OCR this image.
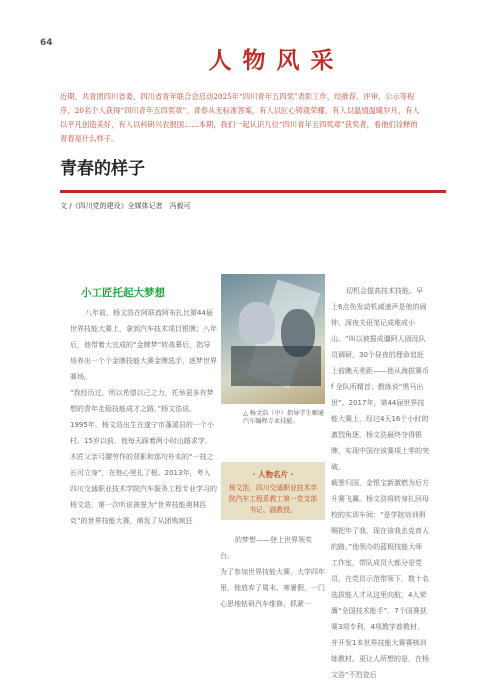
64
人 物 风 采
近期，共青团四川省委、四川省青年联合会启动2025年“四川青年五四奖”表彰工作，经推荐、评审、公示等程序，20名个人获得“四川青年五四奖章”。青春从无标准答案，有人以匠心铸就荣耀，有人以温情温暖岁月，有人以平凡创造美好，有人以科研兴农报国……本期，我们一起认识几位“四川青年五四奖章”获奖者，看他们诠释的青春是什么样子。
青春的样子
文 /《四川党的建设》全媒体记者　冯毅可
小工匠托起大梦想
八年前，杨文浩在阿联酋阿布扎比第44届世界技能大赛上，拿到汽车技术项目银牌；八年后，他带着大完成的“金牌梦”转战幕后，指导培养出一个个金牌技能大赛金牌选手，逐梦世界赛场。
“我经历过，所以希望以己之力，托举更多有梦想的青年走稳技能成才之路。”杨文浩说。
1995年，杨文浩出生在遂宁市蓬溪县的一个小村。15岁以前，他每天踩着两小时山路求学，木匠父亲弓腰劳作的背影和那句朴实的“一技之长可立身”，在他心里扎了根。2013年，考入四川交通职业技术学院汽车服务工程专业学习的杨文浩，第一次听说被誉为“世界技能奥林匹克”的世界技能大赛，萌发了从团购疯狂
△ 杨文浩（中）指导学生顺通汽车编程专业技能。
· 人物名片 ·
杨文浩，四川交通职业技术学院汽车工程系教工第一党支部书记、副教授。
的梦想——登上世界领奖台。
为了参加世界技能大赛，大学四年里，他放弃了周末、寒暑假，一门心思地钻研汽车维修，抓紧一
切机会提高技术技能。早上6点伤发动机减速声是他的闹钟，深夜关讯笔记成堆成小山。“叫以被据成僵阿人固没队员调研，30个昼夜的理命追赶上前瞧天差距——他从海拔赛币 f 全队所精首；教练说“黑马出世”。2017年，第44届世界技能大赛上，经过4天16个小时的激烈角逐，杨文浩最终夺得银牌，实现中国在该赛项上零的突破。
载誉归国，金银宝新激燃为后方升赛飞翼。杨文浩将转身扎回母校的实训车间：“是学院培训俱赐把年了我，现在该我去克育人的路。”他领办的蓝极技能大师工作室，带队成员大都分是党员，在党员示范带领下，数十名选拔能人才从这里向航，4人荣膺“全国技术能手”，7个国赛获赛3项专利，4项教学普教材，并开发1本世界技能大赛赛核训练教材。更让人所想的是，在杨文浩“不烈瓷后
